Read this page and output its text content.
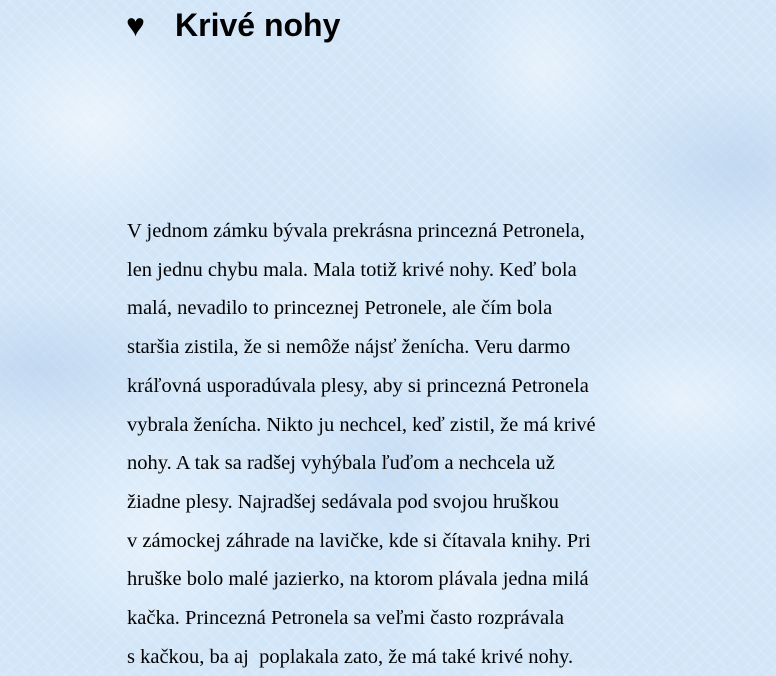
♥ Krivé nohy
V jednom zámku bývala prekrásna princezná Petronela,
len jednu chybu mala. Mala totiž krivé nohy. Keď bola
malá, nevadilo to princeznej Petronele, ale čím bola
staršia zistila, že si nemôže nájsť ženícha. Veru darmo
kráľovná usporadúvala plesy, aby si princezná Petronela
vybrala ženícha. Nikto ju nechcel, keď zistil, že má krivé
nohy. A tak sa radšej vyhýbala ľuďom a nechcela už
žiadne plesy. Najradšej sedávala pod svojou hruškou
v zámockej záhrade na lavičke, kde si čítavala knihy. Pri
hruške bolo malé jazierko, na ktorom plávala jedna milá
kačka. Princezná Petronela sa veľmi často rozprávala
s kačkou, ba aj  poplakala zato, že má také krivé nohy.
